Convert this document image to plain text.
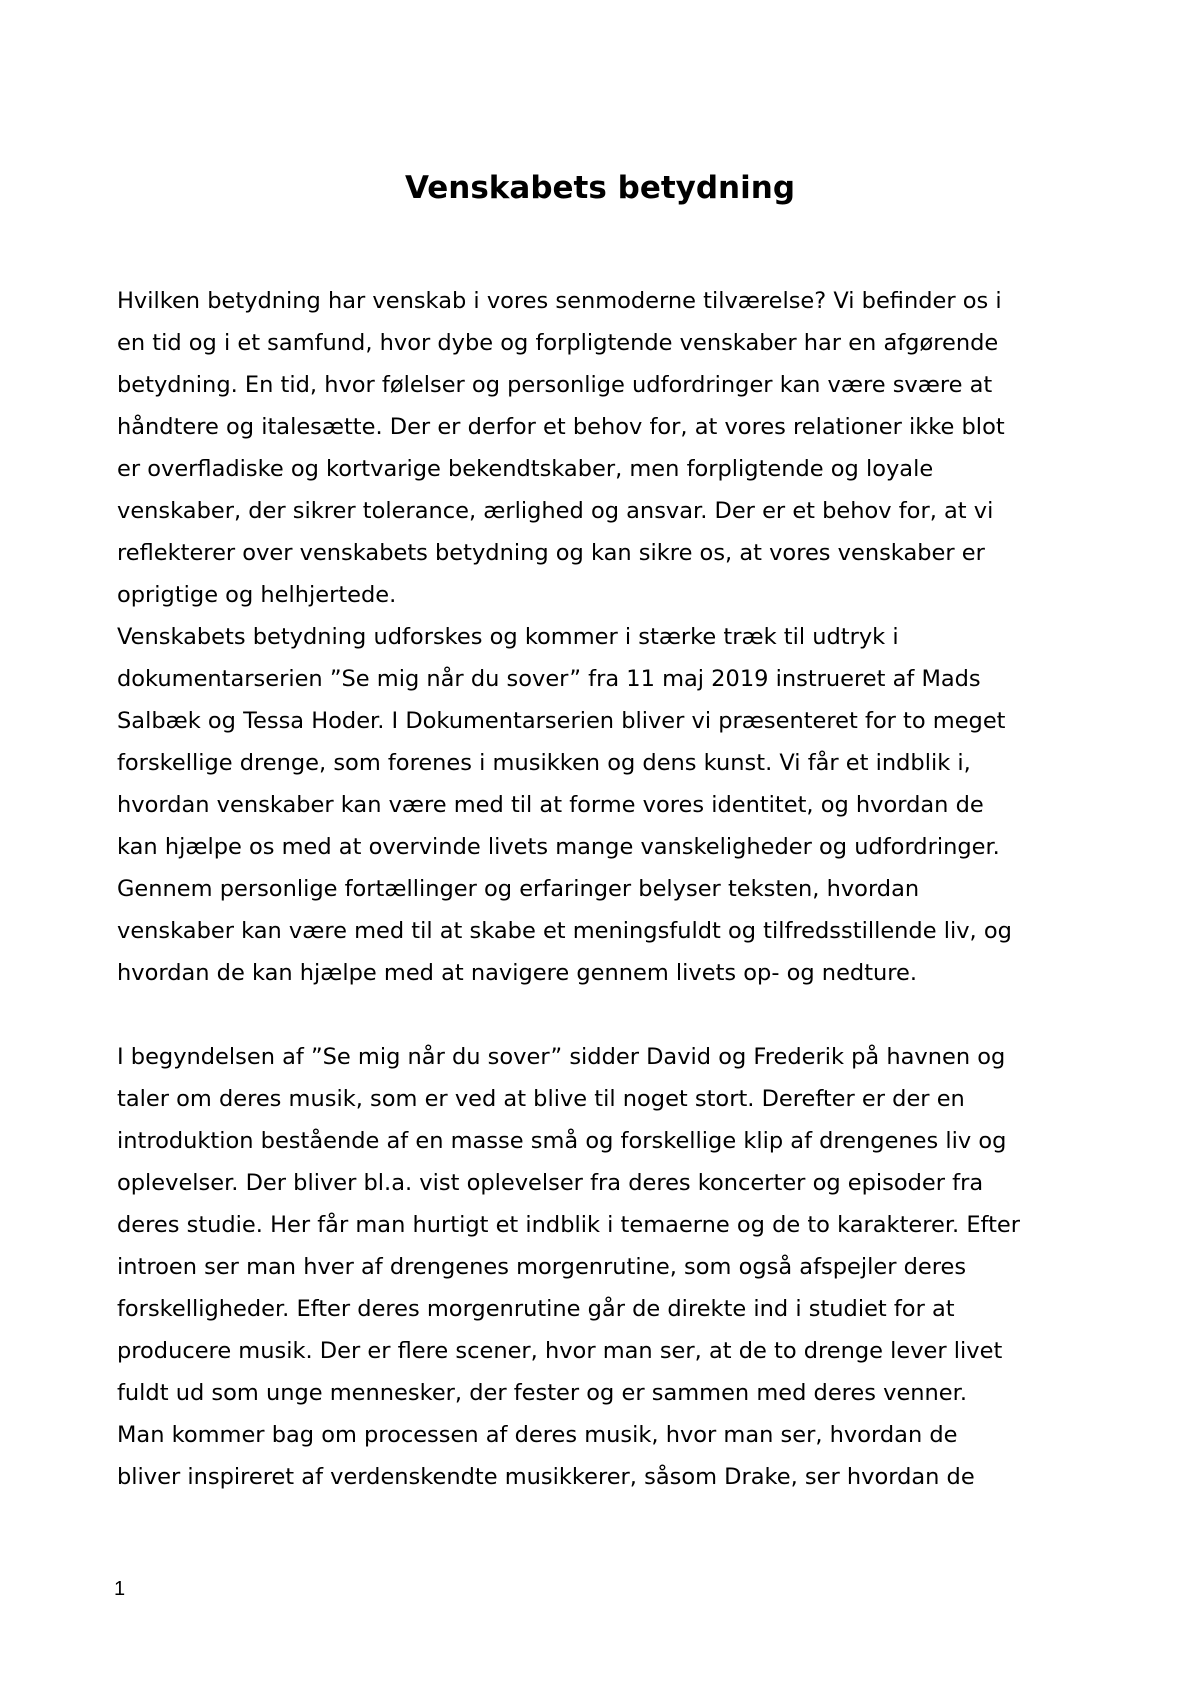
Venskabets betydning

Hvilken betydning har venskab i vores senmoderne tilværelse? Vi befinder os i
en tid og i et samfund, hvor dybe og forpligtende venskaber har en afgørende
betydning. En tid, hvor følelser og personlige udfordringer kan være svære at
håndtere og italesætte. Der er derfor et behov for, at vores relationer ikke blot
er overfladiske og kortvarige bekendtskaber, men forpligtende og loyale
venskaber, der sikrer tolerance, ærlighed og ansvar. Der er et behov for, at vi
reflekterer over venskabets betydning og kan sikre os, at vores venskaber er
oprigtige og helhjertede.

Venskabets betydning udforskes og kommer i stærke træk til udtryk i
dokumentarserien ”Se mig når du sover” fra 11 maj 2019 instrueret af Mads
Salbæk og Tessa Hoder. I Dokumentarserien bliver vi præsenteret for to meget
forskellige drenge, som forenes i musikken og dens kunst. Vi får et indblik i,
hvordan venskaber kan være med til at forme vores identitet, og hvordan de
kan hjælpe os med at overvinde livets mange vanskeligheder og udfordringer.
Gennem personlige fortællinger og erfaringer belyser teksten, hvordan
venskaber kan være med til at skabe et meningsfuldt og tilfredsstillende liv, og
hvordan de kan hjælpe med at navigere gennem livets op- og nedture.

I begyndelsen af ”Se mig når du sover” sidder David og Frederik på havnen og
taler om deres musik, som er ved at blive til noget stort. Derefter er der en
introduktion bestående af en masse små og forskellige klip af drengenes liv og
oplevelser. Der bliver bl.a. vist oplevelser fra deres koncerter og episoder fra
deres studie. Her får man hurtigt et indblik i temaerne og de to karakterer. Efter
introen ser man hver af drengenes morgenrutine, som også afspejler deres
forskelligheder. Efter deres morgenrutine går de direkte ind i studiet for at
producere musik. Der er flere scener, hvor man ser, at de to drenge lever livet
fuldt ud som unge mennesker, der fester og er sammen med deres venner.
Man kommer bag om processen af deres musik, hvor man ser, hvordan de
bliver inspireret af verdenskendte musikkerer, såsom Drake, ser hvordan de

1
